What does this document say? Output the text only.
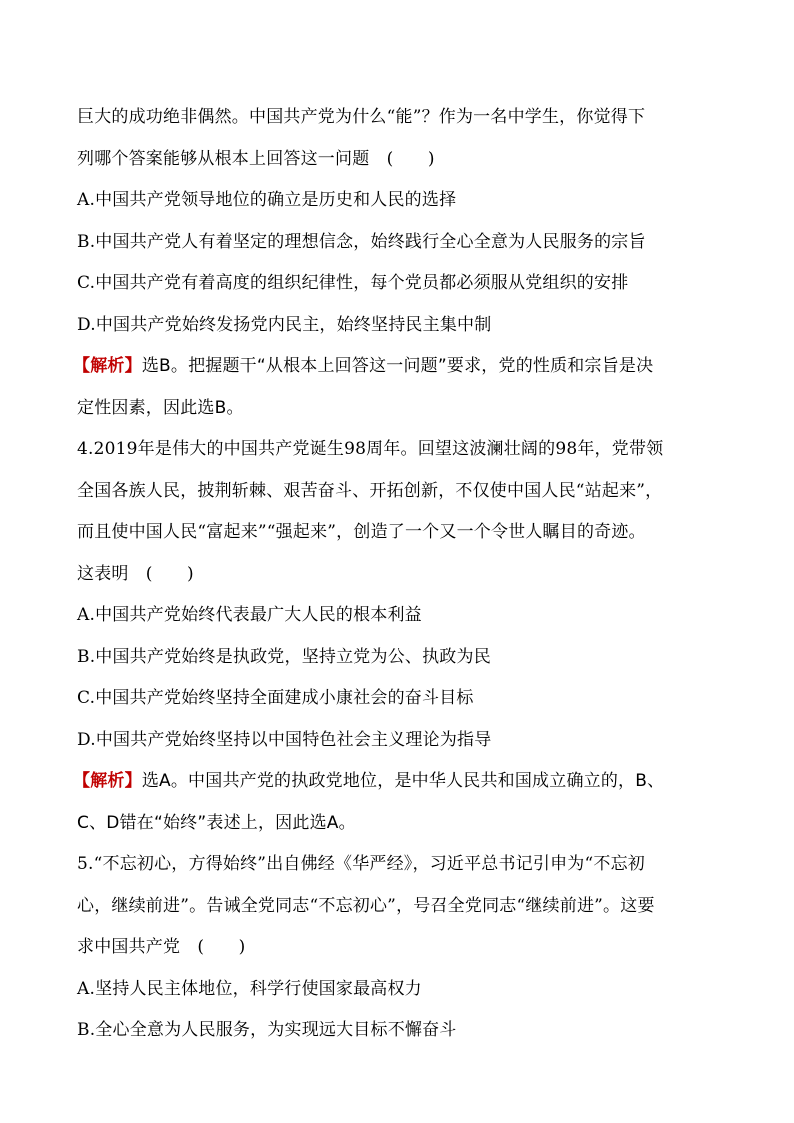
巨大的成功绝非偶然。中国共产党为什么“能”？作为一名中学生，你觉得下
列哪个答案能够从根本上回答这一问题　(　　)
A.中国共产党领导地位的确立是历史和人民的选择
B.中国共产党人有着坚定的理想信念，始终践行全心全意为人民服务的宗旨
C.中国共产党有着高度的组织纪律性，每个党员都必须服从党组织的安排
D.中国共产党始终发扬党内民主，始终坚持民主集中制
【解析】选B。把握题干“从根本上回答这一问题”要求，党的性质和宗旨是决
定性因素，因此选B。
4.2019年是伟大的中国共产党诞生98周年。回望这波澜壮阔的98年，党带领
全国各族人民，披荆斩棘、艰苦奋斗、开拓创新，不仅使中国人民“站起来”，
而且使中国人民“富起来”“强起来”，创造了一个又一个令世人瞩目的奇迹。
这表明　(　　)
A.中国共产党始终代表最广大人民的根本利益
B.中国共产党始终是执政党，坚持立党为公、执政为民
C.中国共产党始终坚持全面建成小康社会的奋斗目标
D.中国共产党始终坚持以中国特色社会主义理论为指导
【解析】选A。中国共产党的执政党地位，是中华人民共和国成立确立的，B、
C、D错在“始终”表述上，因此选A。
5.“不忘初心，方得始终”出自佛经《华严经》，习近平总书记引申为“不忘初
心，继续前进”。告诫全党同志“不忘初心”，号召全党同志“继续前进”。这要
求中国共产党　(　　)
A.坚持人民主体地位，科学行使国家最高权力
B.全心全意为人民服务，为实现远大目标不懈奋斗
